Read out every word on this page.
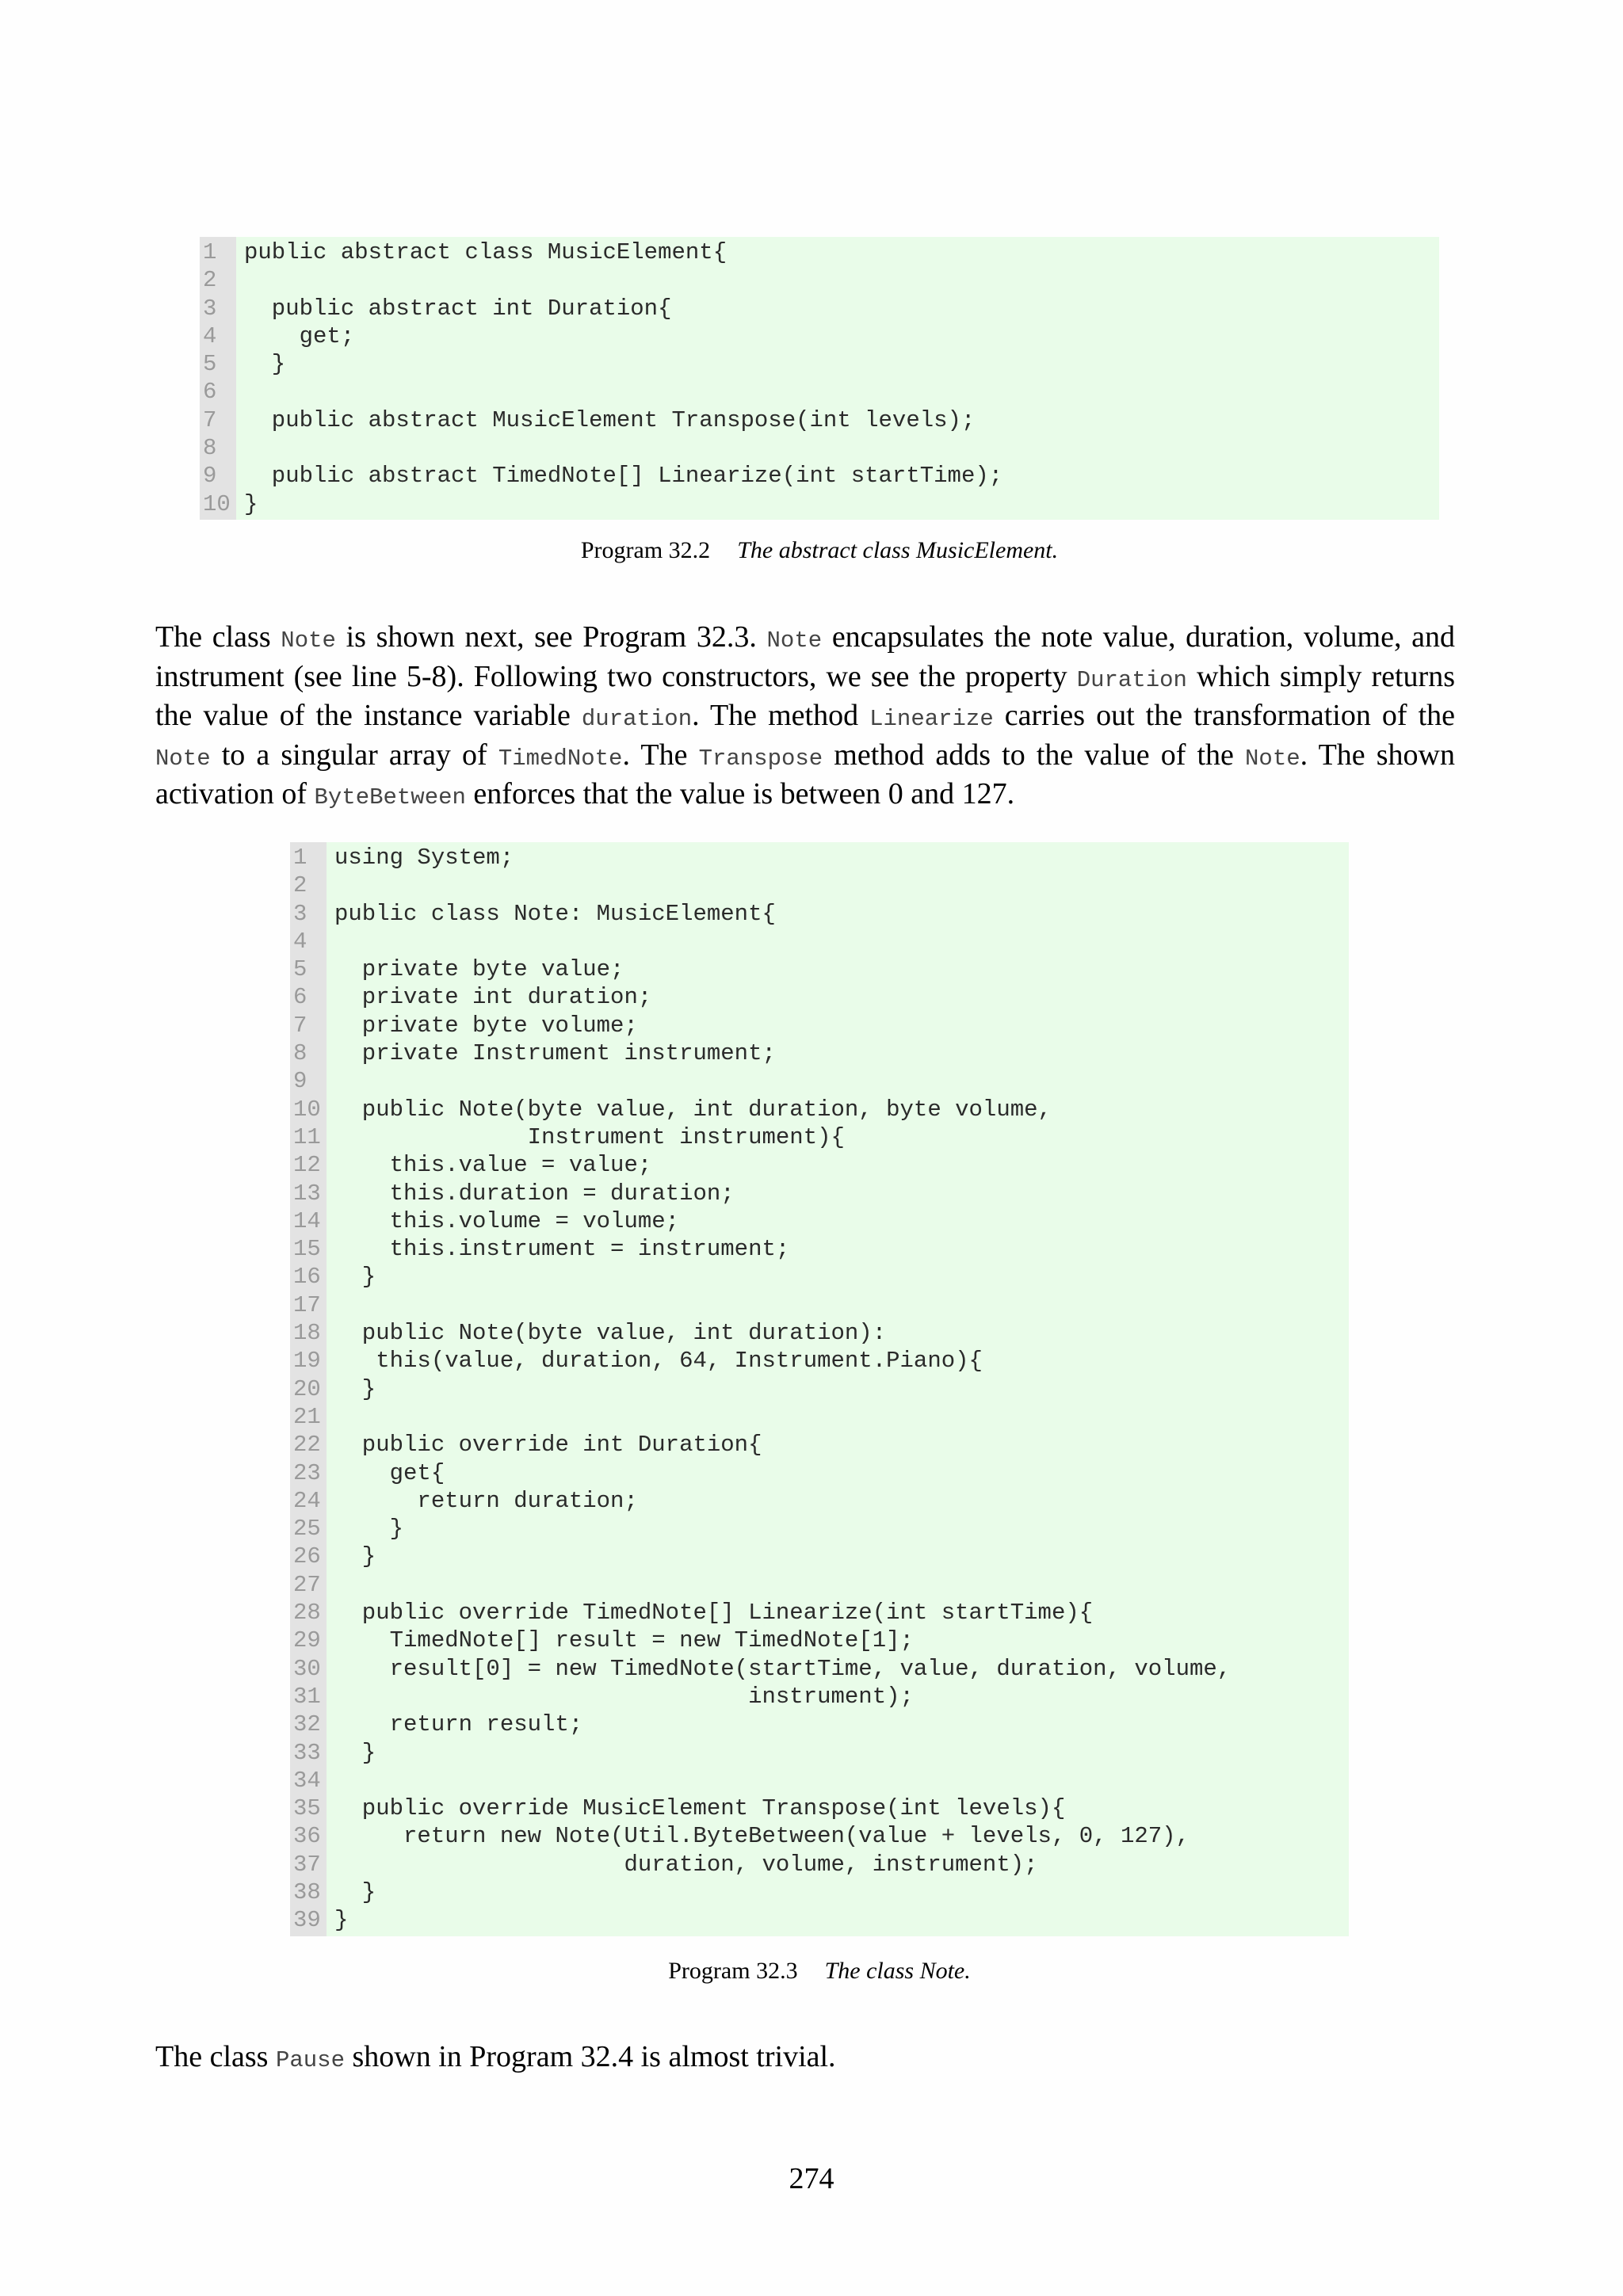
1
2
3
4
5
6
7
8
9
10
public abstract class MusicElement{
public abstract int Duration{
get;
}
public abstract MusicElement Transpose(int levels);
public abstract TimedNote[] Linearize(int startTime);
}
Program 32.2 The abstract class MusicElement.
The class Note is shown next, see Program 32.3. Note encapsulates the note value, duration, volume, and instrument (see line 5-8). Following two constructors, we see the property Duration which simply returns the value of the instance variable duration. The method Linearize carries out the transformation of the Note to a singular array of TimedNote. The Transpose method adds to the value of the Note. The shown activation of ByteBetween enforces that the value is between 0 and 127.
1
2
3
4
5
6
7
8
9
10
11
12
13
14
15
16
17
18
19
20
21
22
23
24
25
26
27
28
29
30
31
32
33
34
35
36
37
38
39
using System;
public class Note: MusicElement{
private byte value;
private int duration;
private byte volume;
private Instrument instrument;
public Note(byte value, int duration, byte volume,
Instrument instrument){
this.value = value;
this.duration = duration;
this.volume = volume;
this.instrument = instrument;
}
public Note(byte value, int duration):
this(value, duration, 64, Instrument.Piano){
}
public override int Duration{
get{
return duration;
}
}
public override TimedNote[] Linearize(int startTime){
TimedNote[] result = new TimedNote[1];
result[0] = new TimedNote(startTime, value, duration, volume,
instrument);
return result;
}
public override MusicElement Transpose(int levels){
return new Note(Util.ByteBetween(value + levels, 0, 127),
duration, volume, instrument);
}
}
Program 32.3 The class Note.
The class Pause shown in Program 32.4 is almost trivial.
274
